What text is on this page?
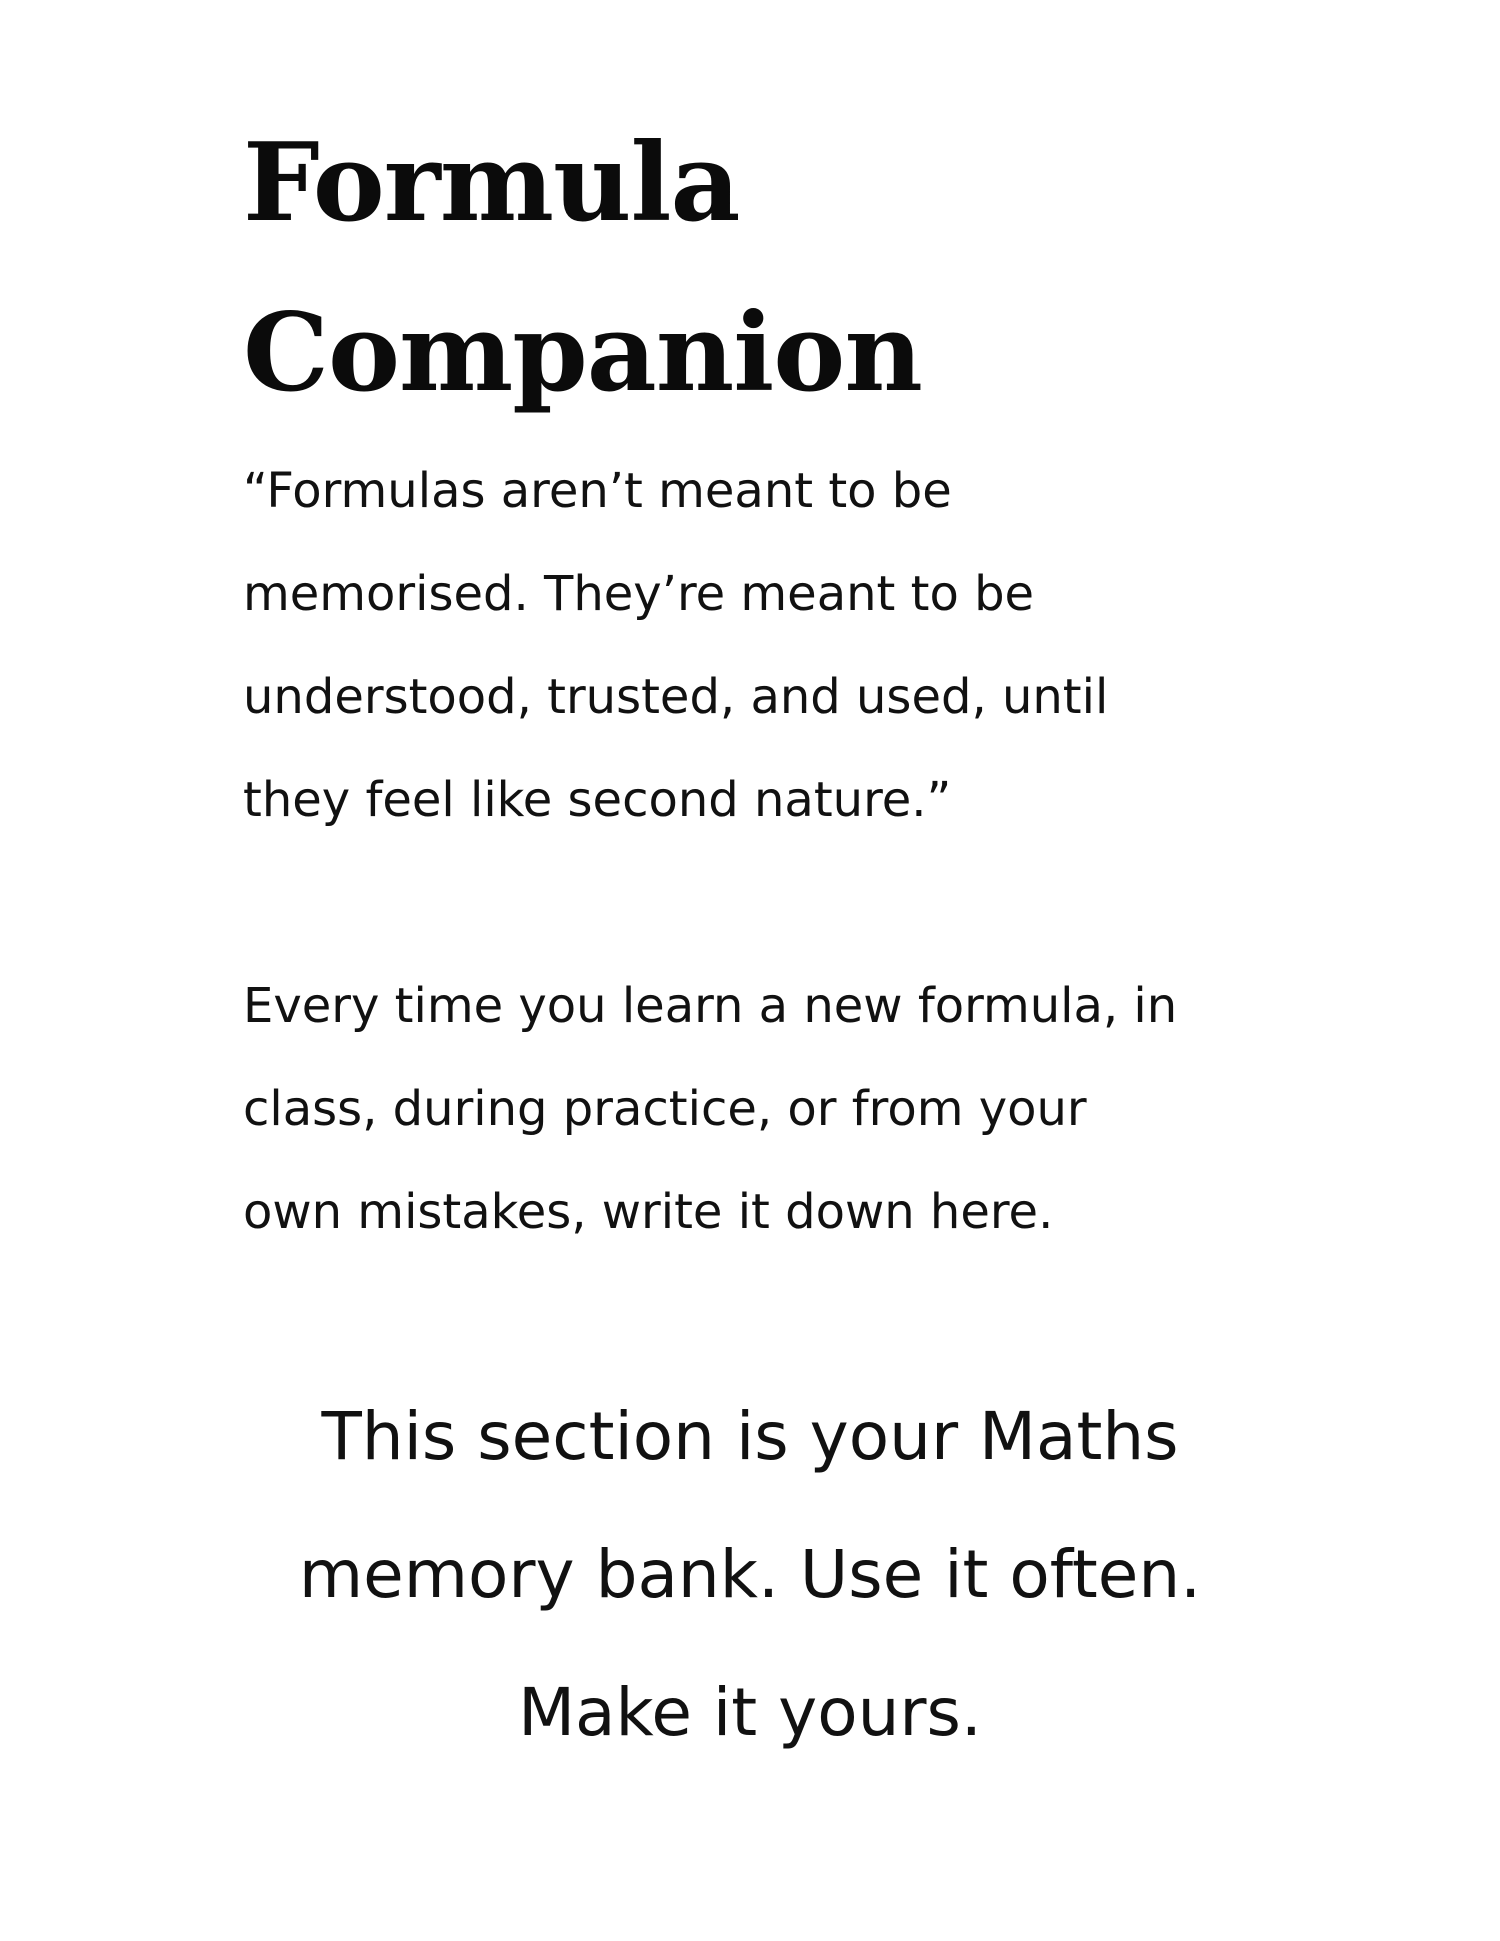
Formula
Companion
“Formulas aren’t meant to be
memorised. They’re meant to be
understood, trusted, and used, until
they feel like second nature.”
Every time you learn a new formula, in
class, during practice, or from your
own mistakes, write it down here.
This section is your Maths
memory bank. Use it often.
Make it yours.
